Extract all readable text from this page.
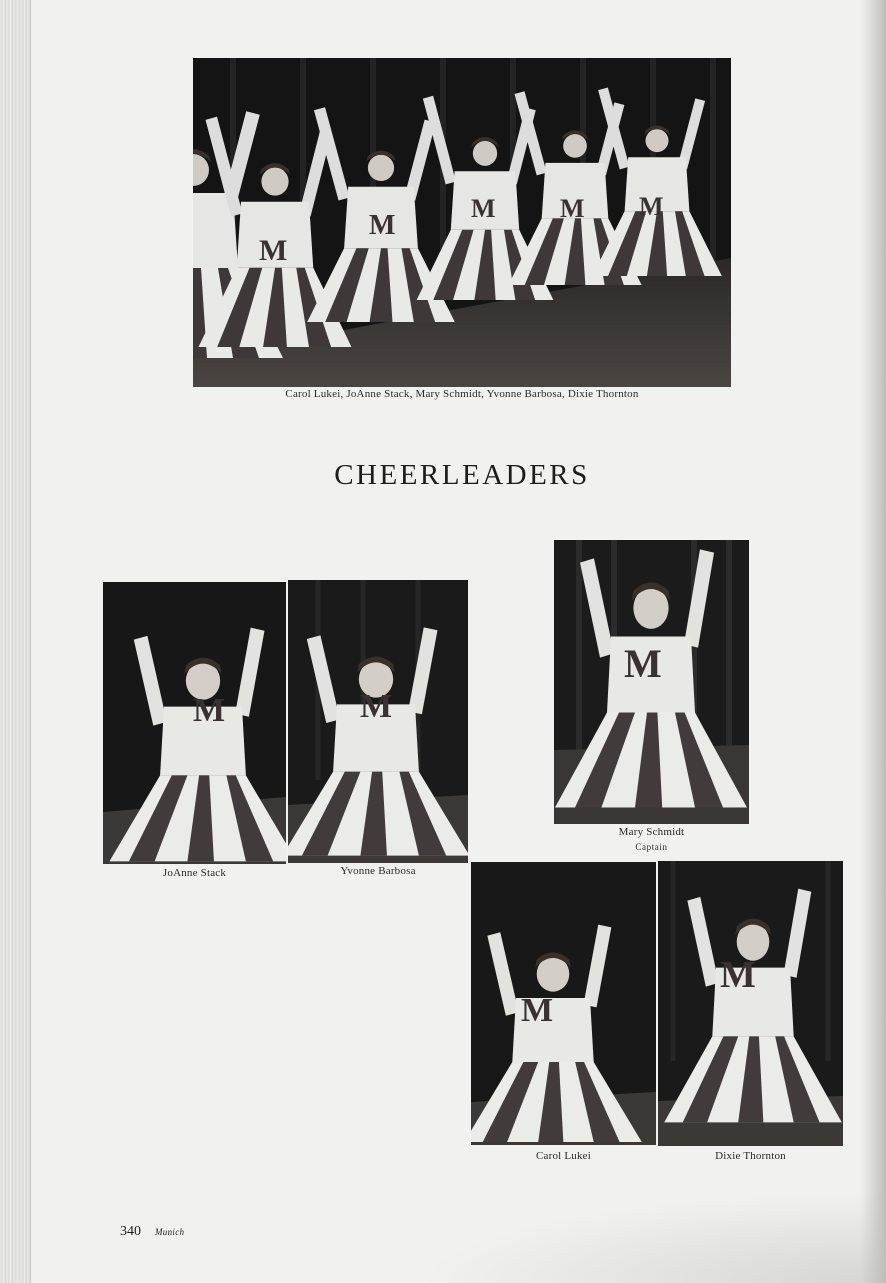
M
M
M M M
Carol Lukei, JoAnne Stack, Mary Schmidt, Yvonne Barbosa, Dixie Thornton
CHEERLEADERS
M
JoAnne Stack
M
Yvonne Barbosa
M
Mary Schmidt
Captain
M
Carol Lukei
M
Dixie Thornton
340 Munich
